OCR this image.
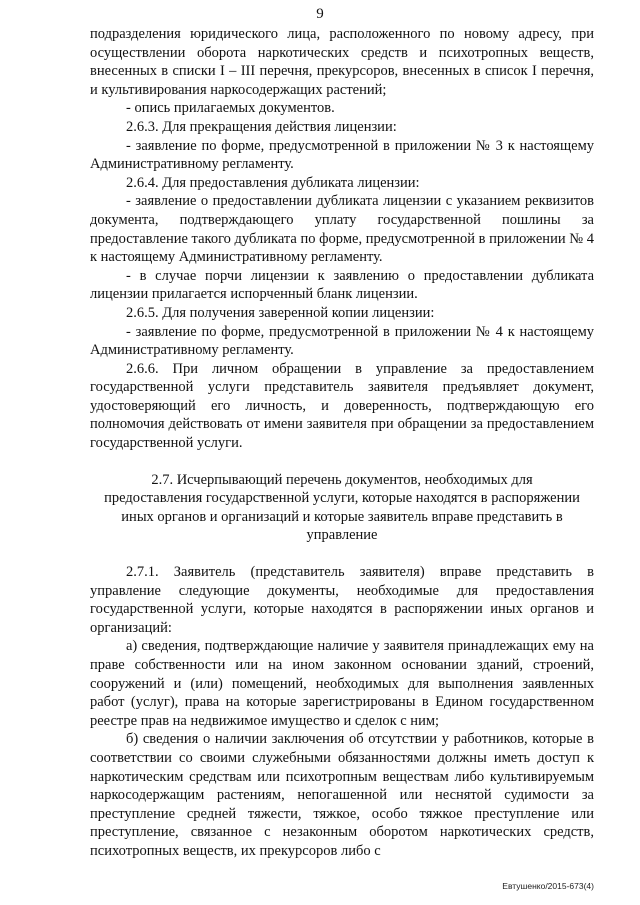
9

подразделения юридического лица, расположенного по новому адресу, при осуществлении оборота наркотических средств и психотропных веществ, внесенных в списки I – III перечня, прекурсоров, внесенных в список I перечня, и культивирования наркосодержащих растений;

- опись прилагаемых документов.

2.6.3. Для прекращения действия лицензии:

- заявление по форме, предусмотренной в приложении № 3 к настоящему Административному регламенту.

2.6.4. Для предоставления дубликата лицензии:

- заявление о предоставлении дубликата лицензии с указанием реквизитов документа, подтверждающего уплату государственной пошлины за предоставление такого дубликата по форме, предусмотренной в приложении № 4 к настоящему Административному регламенту.

- в случае порчи лицензии к заявлению о предоставлении дубликата лицензии прилагается испорченный бланк лицензии.

2.6.5. Для получения заверенной копии лицензии:

- заявление по форме, предусмотренной в приложении № 4 к настоящему Административному регламенту.

2.6.6. При личном обращении в управление за предоставлением государственной услуги представитель заявителя предъявляет документ, удостоверяющий его личность, и доверенность, подтверждающую его полномочия действовать от имени заявителя при обращении за предоставлением государственной услуги.

2.7. Исчерпывающий перечень документов, необходимых для предоставления государственной услуги, которые находятся в распоряжении иных органов и организаций и которые заявитель вправе представить в управление

2.7.1. Заявитель (представитель заявителя) вправе представить в управление следующие документы, необходимые для предоставления государственной услуги, которые находятся в распоряжении иных органов и организаций:

а) сведения, подтверждающие наличие у заявителя принадлежащих ему на праве собственности или на ином законном основании зданий, строений, сооружений и (или) помещений, необходимых для выполнения заявленных работ (услуг), права на которые зарегистрированы в Едином государственном реестре прав на недвижимое имущество и сделок с ним;

б) сведения о наличии заключения об отсутствии у работников, которые в соответствии со своими служебными обязанностями должны иметь доступ к наркотическим средствам или психотропным веществам либо культивируемым наркосодержащим растениям, непогашенной или неснятой судимости за преступление средней тяжести, тяжкое, особо тяжкое преступление или преступление, связанное с незаконным оборотом наркотических средств, психотропных веществ, их прекурсоров либо с

Евтушенко/2015-673(4)
